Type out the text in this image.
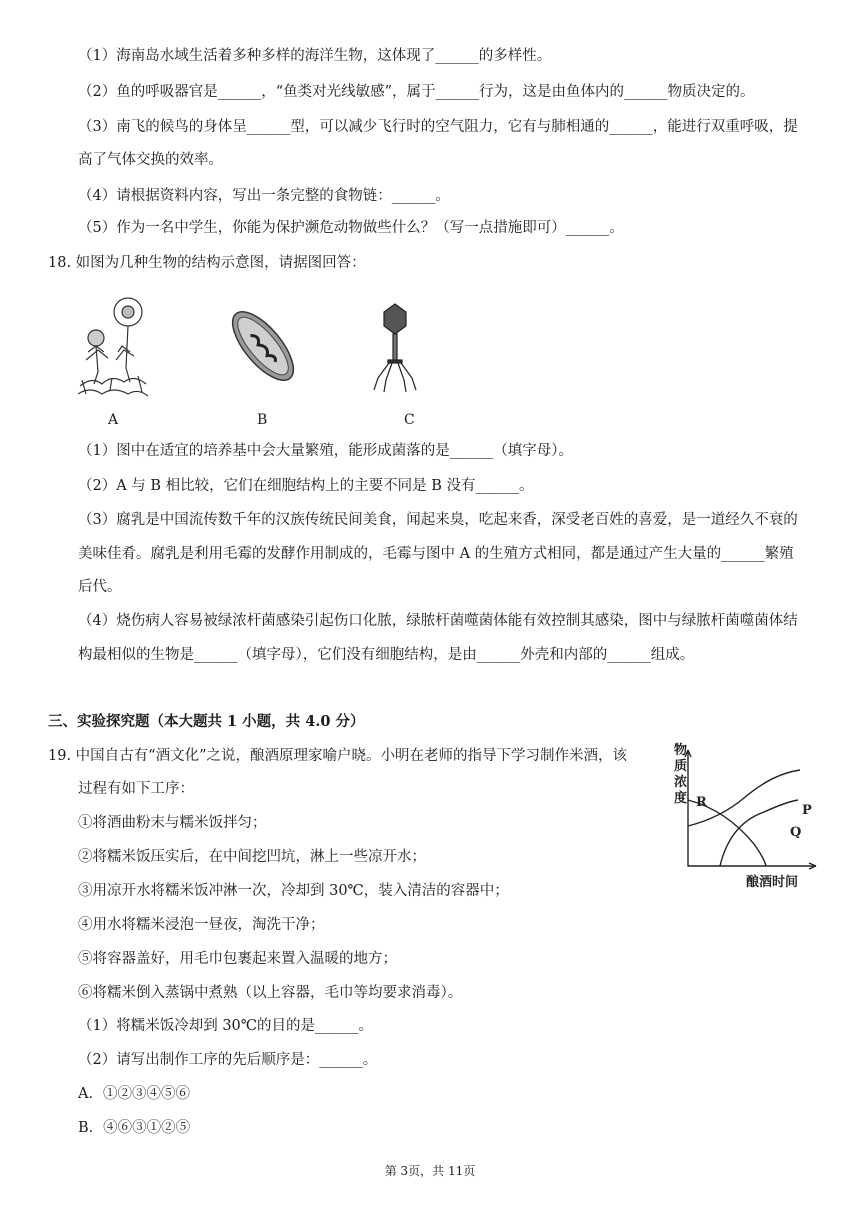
（1）海南岛水域生活着多种多样的海洋生物，这体现了______的多样性。
（2）鱼的呼吸器官是______，“鱼类对光线敏感”，属于______行为，这是由鱼体内的______物质决定的。
（3）南飞的候鸟的身体呈______型，可以减少飞行时的空气阻力，它有与肺相通的______，能进行双重呼吸，提
高了气体交换的效率。
（4）请根据资料内容，写出一条完整的食物链：______。
（5）作为一名中学生，你能为保护濒危动物做些什么？（写一点措施即可）______。
18. 如图为几种生物的结构示意图，请据图回答：
A	B	C
（1）图中在适宜的培养基中会大量繁殖，能形成菌落的是______（填字母）。
（2）A 与 B 相比较，它们在细胞结构上的主要不同是 B 没有______。
（3）腐乳是中国流传数千年的汉族传统民间美食，闻起来臭，吃起来香，深受老百姓的喜爱，是一道经久不衰的
美味佳肴。腐乳是利用毛霉的发酵作用制成的，毛霉与图中 A 的生殖方式相同，都是通过产生大量的______繁殖
后代。
（4）烧伤病人容易被绿浓杆菌感染引起伤口化脓，绿脓杆菌噬菌体能有效控制其感染，图中与绿脓杆菌噬菌体结
构最相似的生物是______（填字母），它们没有细胞结构，是由______外壳和内部的______组成。
三、实验探究题（本大题共 1 小题，共 4.0 分）
19. 中国自古有“酒文化”之说，酿酒原理家喻户晓。小明在老师的指导下学习制作米酒，该
过程有如下工序：
①将酒曲粉末与糯米饭拌匀；
②将糯米饭压实后，在中间挖凹坑，淋上一些凉开水；
③用凉开水将糯米饭冲淋一次，冷却到 30℃，装入清洁的容器中；
④用水将糯米浸泡一昼夜，淘洗干净；
⑤将容器盖好，用毛巾包裹起来置入温暖的地方；
⑥将糯米倒入蒸锅中煮熟（以上容器，毛巾等均要求消毒）。
（1）将糯米饭冷却到 30℃的目的是______。
（2）请写出制作工序的先后顺序是：______。
A．①②③④⑤⑥
B．④⑥③①②⑤
物
质
浓
度
酿酒时间
R
P
Q
第 3页，共 11页
